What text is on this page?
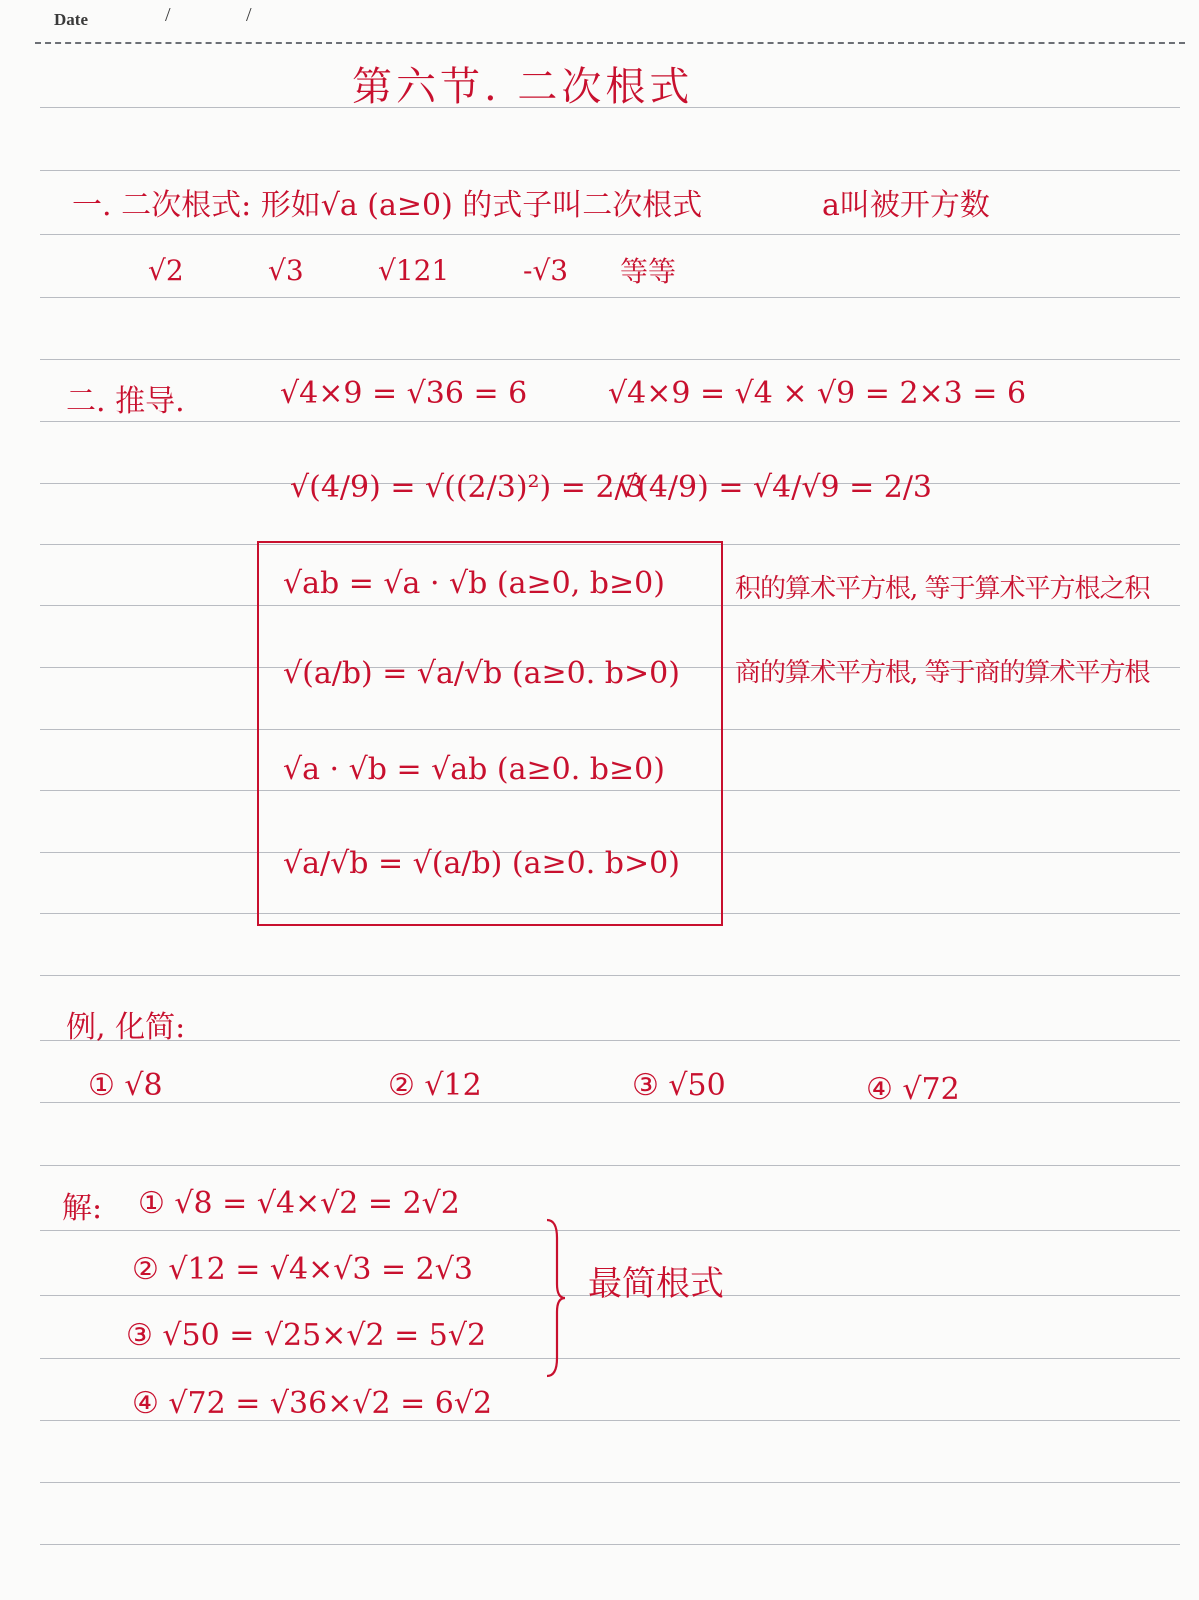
Date	/	/
第六节. 二次根式
一. 二次根式: 形如√a (a≥0) 的式子叫二次根式	a叫被开方数
√2	√3	√121	-√3 等等
二. 推导.	√4×9 = √36 = 6	√4×9 = √4 × √9 = 2×3 = 6
√(4/9) = √((2/3)²) = 2/3
√(4/9) = √4/√9 = 2/3
√ab = √a · √b (a≥0, b≥0)	积的算术平方根, 等于算术平方根之积
√(a/b) = √a/√b (a≥0. b>0) 商的算术平方根, 等于商的算术平方根
√a · √b = √ab (a≥0. b≥0)
√a/√b = √(a/b) (a≥0. b>0)
例, 化简:
① √8	② √12	③ √50	④ √72
解: ① √8 = √4×√2 = 2√2
② √12 = √4×√3 = 2√3
③ √50 = √25×√2 = 5√2
④ √72 = √36×√2 = 6√2
最简根式
